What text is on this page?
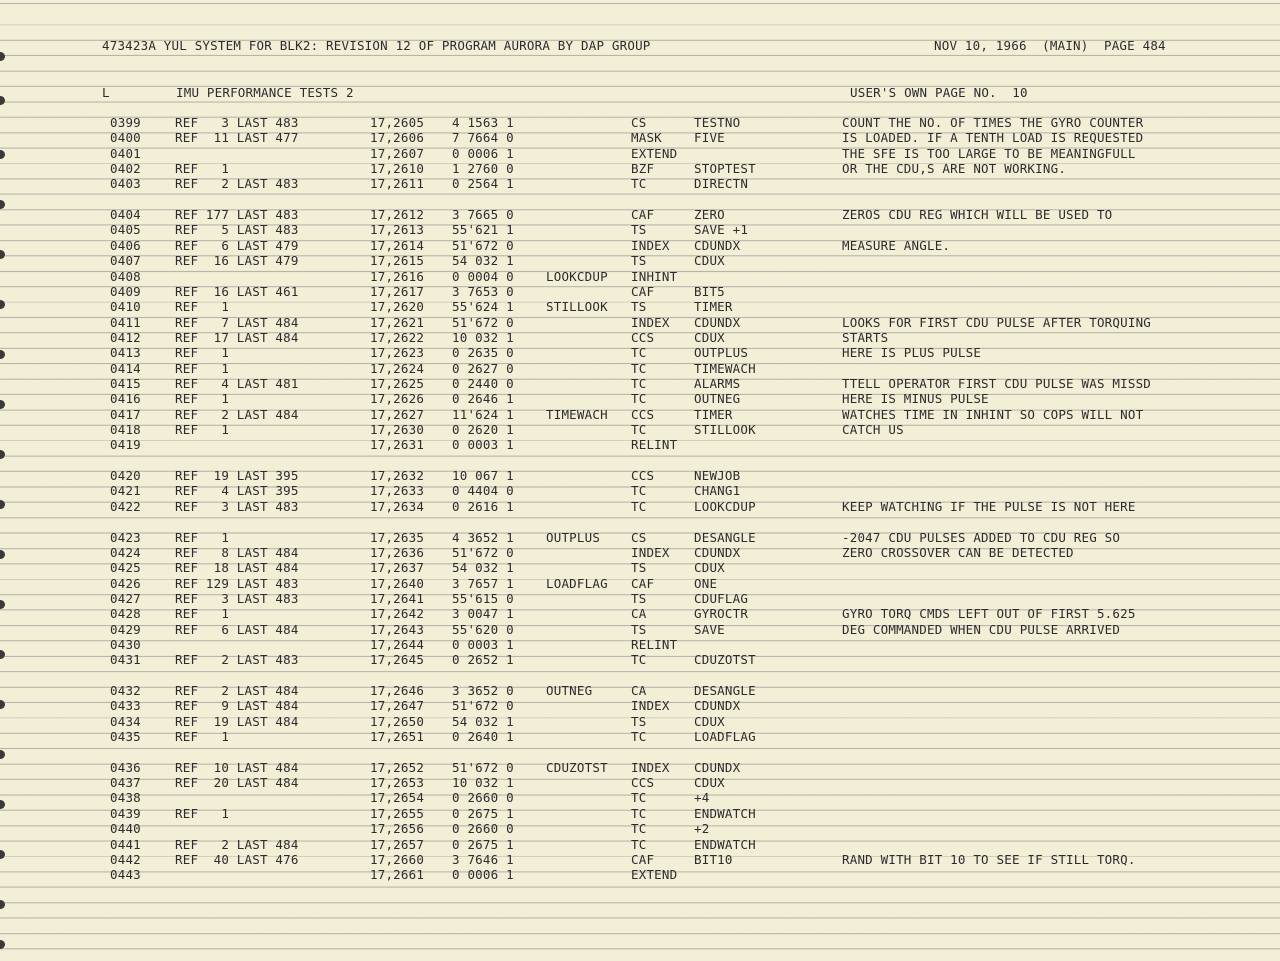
473423A YUL SYSTEM FOR BLK2: REVISION 12 OF PROGRAM AURORA BY DAP GROUP	NOV 10, 1966  (MAIN)  PAGE 484
L	IMU PERFORMANCE TESTS 2	USER'S OWN PAGE NO.  10
0399	REF   3 LAST 483	17,2605 4 1563 1	CS	TESTNO	COUNT THE NO. OF TIMES THE GYRO COUNTER
0400	REF  11 LAST 477	17,2606 7 7664 0	MASK	FIVE	IS LOADED. IF A TENTH LOAD IS REQUESTED
0401	17,2607 0 0006 1	EXTEND	THE SFE IS TOO LARGE TO BE MEANINGFULL
0402	REF   1	17,2610 1 2760 0	BZF	STOPTEST	OR THE CDU,S ARE NOT WORKING.
0403	REF   2 LAST 483	17,2611 0 2564 1	TC	DIRECTN
0404	REF 177 LAST 483	17,2612 3 7665 0	CAF	ZERO	ZEROS CDU REG WHICH WILL BE USED TO
0405	REF   5 LAST 483	17,2613 55'621 1	TS	SAVE +1
0406	REF   6 LAST 479	17,2614 51'672 0	INDEX CDUNDX	MEASURE ANGLE.
0407	REF  16 LAST 479	17,2615 54 032 1	TS	CDUX
0408	17,2616 0 0004 0	LOOKCDUP INHINT
0409	REF  16 LAST 461	17,2617 3 7653 0	CAF	BIT5
0410	REF   1	17,2620 55'624 1	STILLOOK TS	TIMER
0411	REF   7 LAST 484	17,2621 51'672 0	INDEX CDUNDX	LOOKS FOR FIRST CDU PULSE AFTER TORQUING
0412	REF  17 LAST 484	17,2622 10 032 1	CCS	CDUX	STARTS
0413	REF   1	17,2623 0 2635 0	TC	OUTPLUS	HERE IS PLUS PULSE
0414	REF   1	17,2624 0 2627 0	TC	TIMEWACH
0415	REF   4 LAST 481	17,2625 0 2440 0	TC	ALARMS	TTELL OPERATOR FIRST CDU PULSE WAS MISSD
0416	REF   1	17,2626 0 2646 1	TC	OUTNEG	HERE IS MINUS PULSE
0417	REF   2 LAST 484	17,2627 11'624 1	TIMEWACH CCS	TIMER	WATCHES TIME IN INHINT SO COPS WILL NOT
0418	REF   1	17,2630 0 2620 1	TC	STILLOOK	CATCH US
0419	17,2631 0 0003 1	RELINT
0420	REF  19 LAST 395	17,2632 10 067 1	CCS	NEWJOB
0421	REF   4 LAST 395	17,2633 0 4404 0	TC	CHANG1
0422	REF   3 LAST 483	17,2634 0 2616 1	TC	LOOKCDUP	KEEP WATCHING IF THE PULSE IS NOT HERE
0423	REF   1	17,2635 4 3652 1	OUTPLUS CS	DESANGLE	-2047 CDU PULSES ADDED TO CDU REG SO
0424	REF   8 LAST 484	17,2636 51'672 0	INDEX CDUNDX	ZERO CROSSOVER CAN BE DETECTED
0425	REF  18 LAST 484	17,2637 54 032 1	TS	CDUX
0426	REF 129 LAST 483	17,2640 3 7657 1	LOADFLAG CAF	ONE
0427	REF   3 LAST 483	17,2641 55'615 0	TS	CDUFLAG
0428	REF   1	17,2642 3 0047 1	CA	GYROCTR	GYRO TORQ CMDS LEFT OUT OF FIRST 5.625
0429	REF   6 LAST 484	17,2643 55'620 0	TS	SAVE	DEG COMMANDED WHEN CDU PULSE ARRIVED
0430	17,2644 0 0003 1	RELINT
0431	REF   2 LAST 483	17,2645 0 2652 1	TC	CDUZOTST
0432	REF   2 LAST 484	17,2646 3 3652 0	OUTNEG	CA	DESANGLE
0433	REF   9 LAST 484	17,2647 51'672 0	INDEX CDUNDX
0434	REF  19 LAST 484	17,2650 54 032 1	TS	CDUX
0435	REF   1	17,2651 0 2640 1	TC	LOADFLAG
0436	REF  10 LAST 484	17,2652 51'672 0	CDUZOTST INDEX CDUNDX
0437	REF  20 LAST 484	17,2653 10 032 1	CCS	CDUX
0438	17,2654 0 2660 0	TC	+4
0439	REF   1	17,2655 0 2675 1	TC	ENDWATCH
0440	17,2656 0 2660 0	TC	+2
0441	REF   2 LAST 484	17,2657 0 2675 1	TC	ENDWATCH
0442	REF  40 LAST 476	17,2660 3 7646 1	CAF	BIT10	RAND WITH BIT 10 TO SEE IF STILL TORQ.
0443	17,2661 0 0006 1	EXTEND
